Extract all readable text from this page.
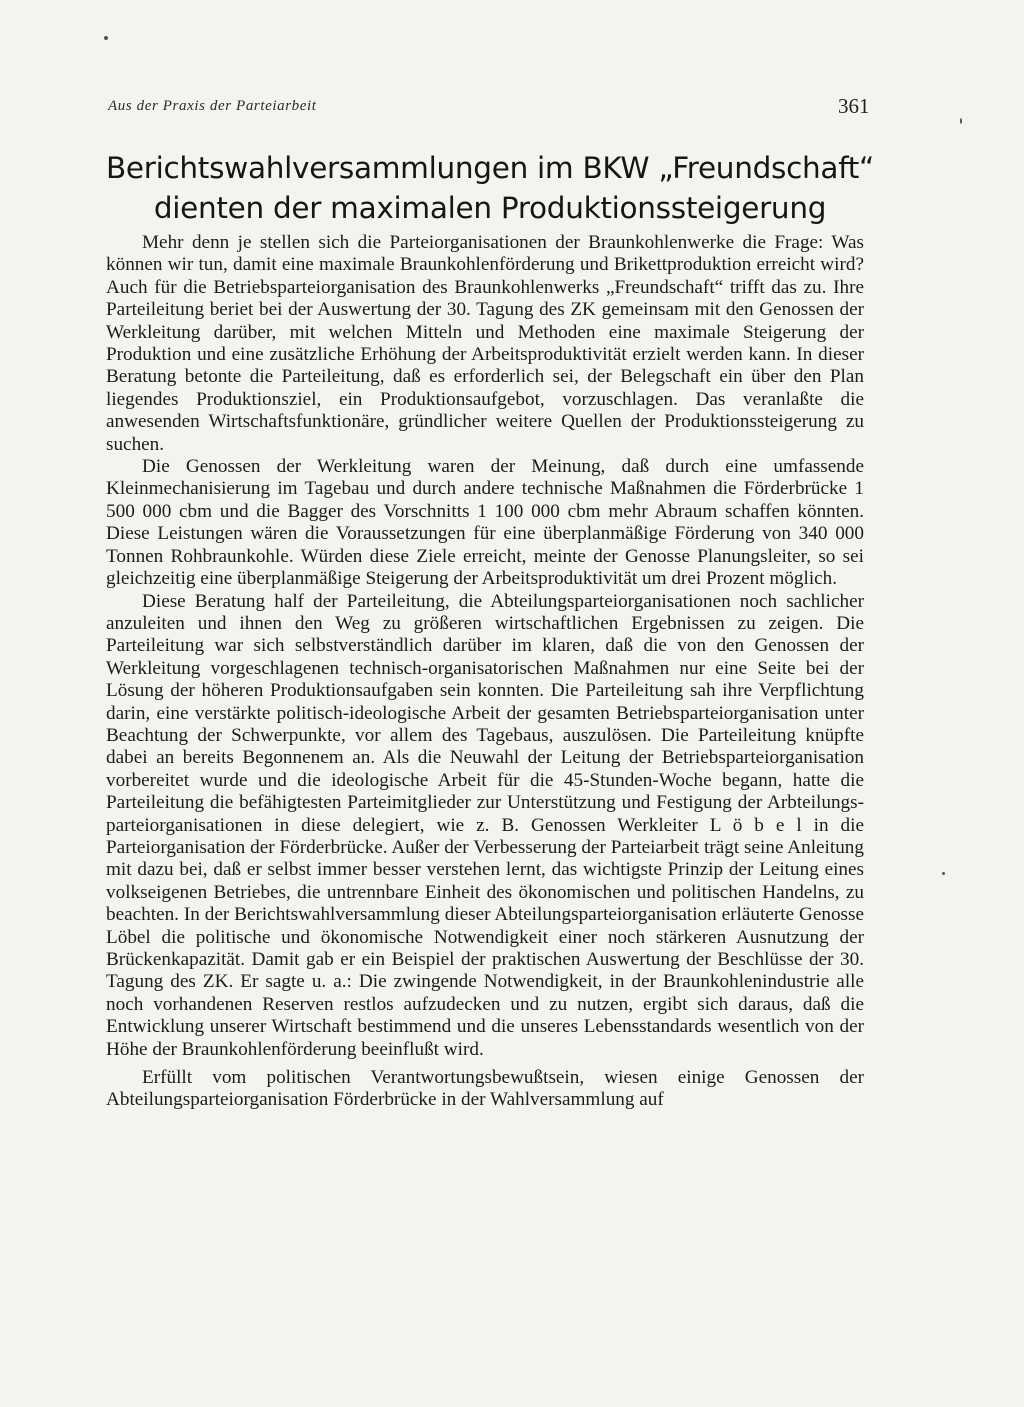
Aus der Praxis der Parteiarbeit	361
Berichtswahlversammlungen im BKW „Freundschaft“
dienten der maximalen Produktionssteigerung

Mehr denn je stellen sich die Parteiorganisationen der Braunkohlenwerke die Frage: Was können wir tun, damit eine maximale Braunkohlenförderung und Brikettproduktion erreicht wird? Auch für die Betriebsparteiorganisation des Braunkohlenwerks „Freundschaft“ trifft das zu. Ihre Parteileitung beriet bei der Auswertung der 30. Tagung des ZK gemeinsam mit den Genossen der Werkleitung darüber, mit welchen Mitteln und Methoden eine maximale Steigerung der Produktion und eine zusätzliche Erhöhung der Arbeitsproduktivität erzielt werden kann. In dieser Beratung betonte die Parteileitung, daß es erforderlich sei, der Belegschaft ein über den Plan liegendes Produktionsziel, ein Produktionsaufgebot, vorzuschlagen. Das veranlaßte die anwesenden Wirtschaftsfunktionäre, gründlicher weitere Quellen der Produktionssteigerung zu suchen.

Die Genossen der Werkleitung waren der Meinung, daß durch eine umfassende Kleinmechanisierung im Tagebau und durch andere technische Maßnahmen die Förderbrücke 1 500 000 cbm und die Bagger des Vorschnitts 1 100 000 cbm mehr Abraum schaffen könnten. Diese Leistungen wären die Voraussetzungen für eine überplanmäßige Förderung von 340 000 Tonnen Rohbraunkohle. Würden diese Ziele erreicht, meinte der Genosse Planungsleiter, so sei gleichzeitig eine überplanmäßige Steigerung der Arbeitsproduktivität um drei Prozent möglich.

Diese Beratung half der Parteileitung, die Abteilungsparteiorganisationen noch sachlicher anzuleiten und ihnen den Weg zu größeren wirtschaftlichen Ergebnissen zu zeigen. Die Parteileitung war sich selbstverständlich darüber im klaren, daß die von den Genossen der Werkleitung vorgeschlagenen technisch-organisatorischen Maßnahmen nur eine Seite bei der Lösung der höheren Produktionsaufgaben sein konnten. Die Parteileitung sah ihre Verpflichtung darin, eine verstärkte politisch-ideologische Arbeit der gesamten Betriebsparteiorganisation unter Beachtung der Schwerpunkte, vor allem des Tagebaus, auszulösen. Die Parteileitung knüpfte dabei an bereits Begonnenem an. Als die Neuwahl der Leitung der Betriebsparteiorganisation vorbereitet wurde und die ideologische Arbeit für die 45-Stunden-Woche begann, hatte die Parteileitung die befähigtesten Parteimitglieder zur Unterstützung und Festigung der Arbteilungsparteiorganisationen in diese delegiert, wie z. B. Genossen Werkleiter L ö b e l in die Parteiorganisation der Förderbrücke. Außer der Verbesserung der Parteiarbeit trägt seine Anleitung mit dazu bei, daß er selbst immer besser verstehen lernt, das wichtigste Prinzip der Leitung eines volkseigenen Betriebes, die untrennbare Einheit des ökonomischen und politischen Handelns, zu beachten. In der Berichtswahlversammlung dieser Abteilungsparteiorganisation erläuterte Genosse Löbel die politische und ökonomische Notwendigkeit einer noch stärkeren Ausnutzung der Brückenkapazität. Damit gab er ein Beispiel der praktischen Auswertung der Beschlüsse der 30. Tagung des ZK. Er sagte u. a.: Die zwingende Notwendigkeit, in der Braunkohlenindustrie alle noch vorhandenen Reserven restlos aufzudecken und zu nutzen, ergibt sich daraus, daß die Entwicklung unserer Wirtschaft bestimmend und die unseres Lebensstandards wesentlich von der Höhe der Braunkohlenförderung beeinflußt wird.

Erfüllt vom politischen Verantwortungsbewußtsein, wiesen einige Genossen der Abteilungsparteiorganisation Förderbrücke in der Wahlversammlung auf
